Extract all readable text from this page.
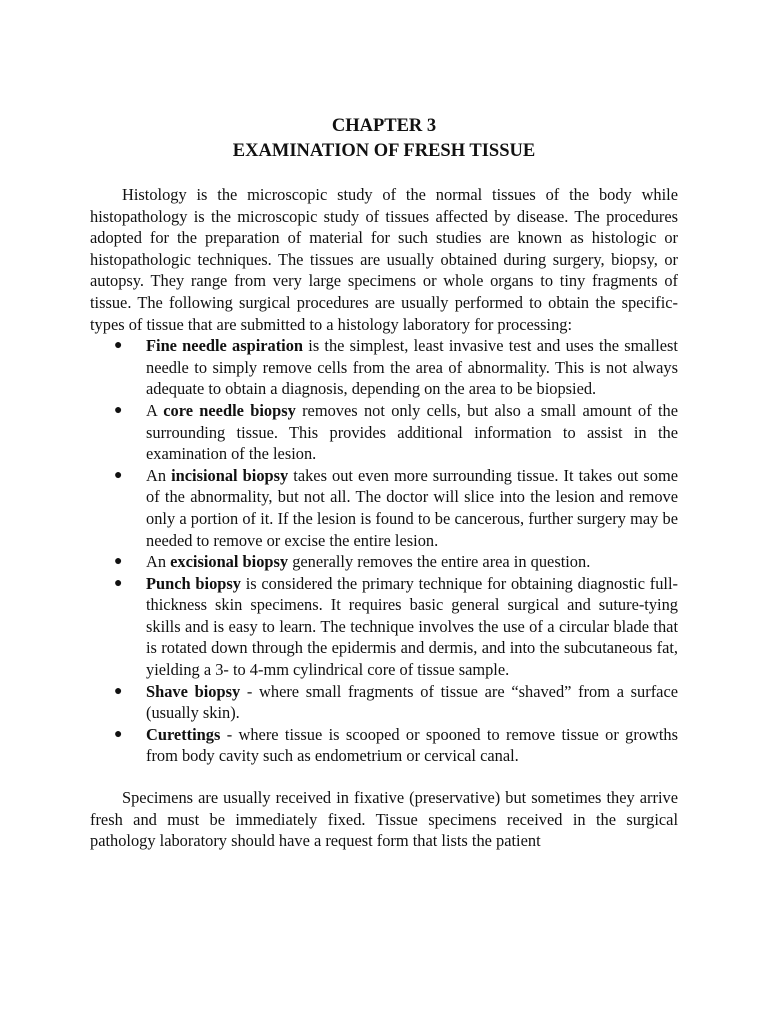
CHAPTER 3
EXAMINATION OF FRESH TISSUE

Histology is the microscopic study of the normal tissues of the body while histopathology is the microscopic study of tissues affected by disease. The procedures adopted for the preparation of material for such studies are known as histologic or histopathologic techniques. The tissues are usually obtained during surgery, biopsy, or autopsy. They range from very large specimens or whole organs to tiny fragments of tissue. The following surgical procedures are usually performed to obtain the specific-types of tissue that are submitted to a histology laboratory for processing:

● Fine needle aspiration is the simplest, least invasive test and uses the smallest needle to simply remove cells from the area of abnormality. This is not always adequate to obtain a diagnosis, depending on the area to be biopsied.
● A core needle biopsy removes not only cells, but also a small amount of the surrounding tissue. This provides additional information to assist in the examination of the lesion.
● An incisional biopsy takes out even more surrounding tissue. It takes out some of the abnormality, but not all. The doctor will slice into the lesion and remove only a portion of it. If the lesion is found to be cancerous, further surgery may be needed to remove or excise the entire lesion.
● An excisional biopsy generally removes the entire area in question.
● Punch biopsy is considered the primary technique for obtaining diagnostic full-thickness skin specimens. It requires basic general surgical and suture-tying skills and is easy to learn. The technique involves the use of a circular blade that is rotated down through the epidermis and dermis, and into the subcutaneous fat, yielding a 3- to 4-mm cylindrical core of tissue sample.
● Shave biopsy - where small fragments of tissue are “shaved” from a surface (usually skin).
● Curettings - where tissue is scooped or spooned to remove tissue or growths from body cavity such as endometrium or cervical canal.

Specimens are usually received in fixative (preservative) but sometimes they arrive fresh and must be immediately fixed. Tissue specimens received in the surgical pathology laboratory should have a request form that lists the patient
